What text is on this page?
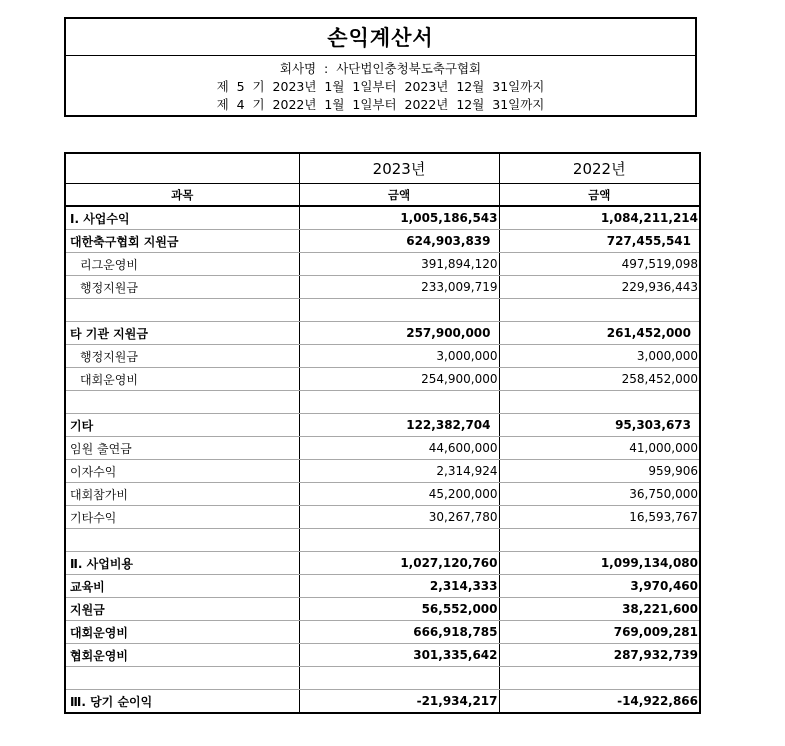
손익계산서
회사명  :  사단법인충청북도축구협회
제  5  기  2023년  1월  1일부터  2023년  12월  31일까지
제  4  기  2022년  1월  1일부터  2022년  12월  31일까지
	2023년	2022년
과목	금액	금액
Ⅰ. 사업수익	1,005,186,543	1,084,211,214
대한축구협회 지원금	624,903,839	727,455,541
리그운영비	391,894,120	497,519,098
행정지원금	233,009,719	229,936,443

타 기관 지원금	257,900,000	261,452,000
행정지원금	3,000,000	3,000,000
대회운영비	254,900,000	258,452,000

기타	122,382,704	95,303,673
임원 출연금	44,600,000	41,000,000
이자수익	2,314,924	959,906
대회참가비	45,200,000	36,750,000
기타수익	30,267,780	16,593,767

Ⅱ. 사업비용	1,027,120,760	1,099,134,080
교육비	2,314,333	3,970,460
지원금	56,552,000	38,221,600
대회운영비	666,918,785	769,009,281
협회운영비	301,335,642	287,932,739

Ⅲ. 당기 순이익	-21,934,217	-14,922,866
